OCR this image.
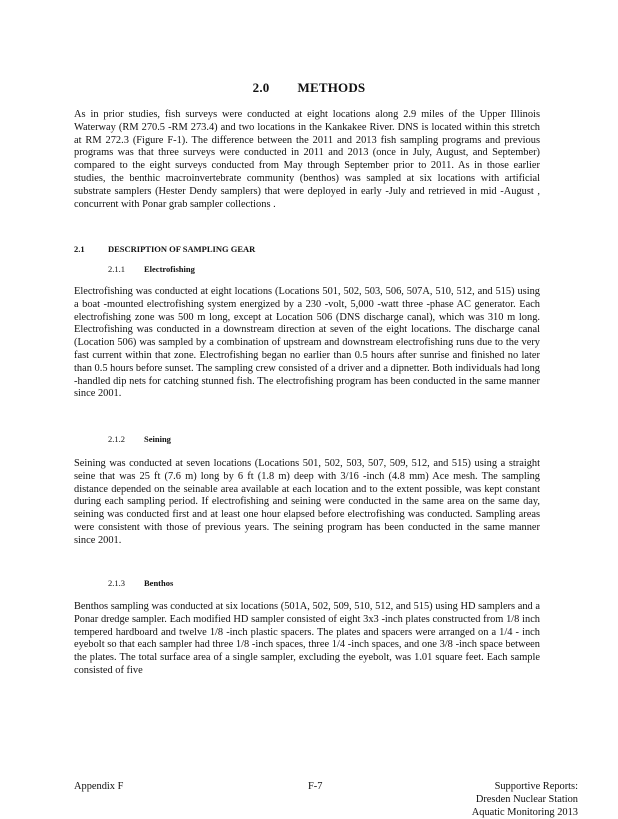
2.0 METHODS

As in prior studies, fish surveys were conducted at eight locations along 2.9 miles of the Upper Illinois Waterway (RM 270.5 -RM 273.4) and two locations in the Kankakee River. DNS is located within this stretch at RM 272.3 (Figure F-1). The difference between the 2011 and 2013 fish sampling programs and previous programs was that three surveys were conducted in 2011 and 2013 (once in July, August, and September) compared to the eight surveys conducted from May through September prior to 2011. As in those earlier studies, the benthic macroinvertebrate community (benthos) was sampled at six locations with artificial substrate samplers (Hester Dendy samplers) that were deployed in early -July and retrieved in mid -August , concurrent with Ponar grab sampler collections .

2.1	DESCRIPTION OF SAMPLING GEAR
2.1.1 Electrofishing

Electrofishing was conducted at eight locations (Locations 501, 502, 503, 506, 507A, 510, 512, and 515) using a boat -mounted electrofishing system energized by a 230 -volt, 5,000 -watt three -phase AC generator. Each electrofishing zone was 500 m long, except at Location 506 (DNS discharge canal), which was 310 m long. Electrofishing was conducted in a downstream direction at seven of the eight locations. The discharge canal (Location 506) was sampled by a combination of upstream and downstream electrofishing runs due to the very fast current within that zone. Electrofishing began no earlier than 0.5 hours after sunrise and finished no later than 0.5 hours before sunset. The sampling crew consisted of a driver and a dipnetter. Both individuals had long -handled dip nets for catching stunned fish. The electrofishing program has been conducted in the same manner since 2001.

2.1.2 Seining

Seining was conducted at seven locations (Locations 501, 502, 503, 507, 509, 512, and 515) using a straight seine that was 25 ft (7.6 m) long by 6 ft (1.8 m) deep with 3/16 -inch (4.8 mm) Ace mesh. The sampling distance depended on the seinable area available at each location and to the extent possible, was kept constant during each sampling period. If electrofishing and seining were conducted in the same area on the same day, seining was conducted first and at least one hour elapsed before electrofishing was conducted. Sampling areas were consistent with those of previous years. The seining program has been conducted in the same manner since 2001.

2.1.3 Benthos

Benthos sampling was conducted at six locations (501A, 502, 509, 510, 512, and 515) using HD samplers and a Ponar dredge sampler. Each modified HD sampler consisted of eight 3x3 -inch plates constructed from 1/8 inch tempered hardboard and twelve 1/8 -inch plastic spacers. The plates and spacers were arranged on a 1/4 - inch eyebolt so that each sampler had three 1/8 -inch spaces, three 1/4 -inch spaces, and one 3/8 -inch space between the plates. The total surface area of a single sampler, excluding the eyebolt, was 1.01 square feet. Each sample consisted of five

Appendix F	F-7	Supportive Reports:
Dresden Nuclear Station
Aquatic Monitoring 2013
